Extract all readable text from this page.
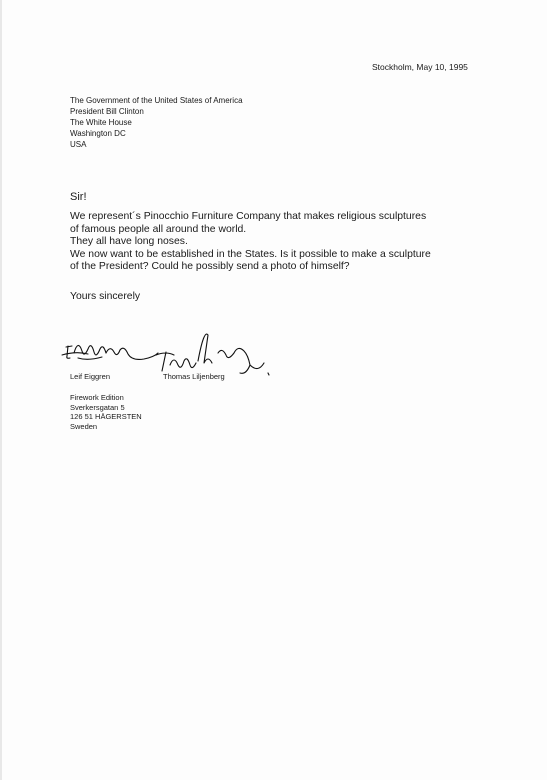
Stockholm, May 10, 1995
The Government of the United States of America
President Bill Clinton
The White House
Washington DC
USA
Sir!
We represent´s Pinocchio Furniture Company that makes religious sculptures
of famous people all around the world.
They all have long noses.
We now want to be established in the States. Is it possible to make a sculpture
of the President? Could he possibly send a photo of himself?
Yours sincerely
Leif Eiggren	Thomas Liljenberg
Firework Edition
Sverkersgatan 5
126 51 HÄGERSTEN
Sweden
